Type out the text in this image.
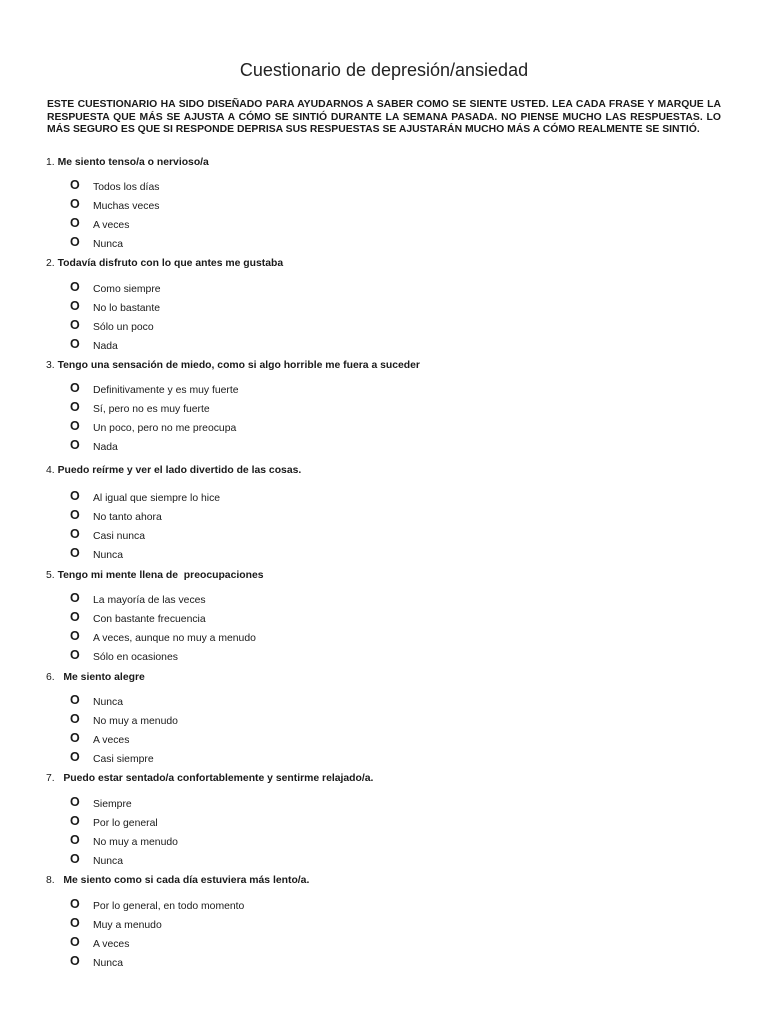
Cuestionario de depresión/ansiedad

ESTE CUESTIONARIO HA SIDO DISEÑADO PARA AYUDARNOS A SABER COMO SE SIENTE USTED. LEA CADA FRASE Y MARQUE LA RESPUESTA QUE MÁS SE AJUSTA A CÓMO SE SINTIÓ DURANTE LA SEMANA PASADA. NO PIENSE MUCHO LAS RESPUESTAS. LO MÁS SEGURO ES QUE SI RESPONDE DEPRISA SUS RESPUESTAS SE AJUSTARÁN MUCHO MÁS A CÓMO REALMENTE SE SINTIÓ.

1. Me siento tenso/a o nervioso/a

O	Todos los días
O	Muchas veces
O	A veces
O	Nunca

2. Todavía disfruto con lo que antes me gustaba

O	Como siempre
O	No lo bastante
O	Sólo un poco
O	Nada

3. Tengo una sensación de miedo, como si algo horrible me fuera a suceder

O	Definitivamente y es muy fuerte
O	Sí, pero no es muy fuerte
O	Un poco, pero no me preocupa
O	Nada

4. Puedo reírme y ver el lado divertido de las cosas.

O	Al igual que siempre lo hice
O	No tanto ahora
O	Casi nunca
O	Nunca

5. Tengo mi mente llena de  preocupaciones

O	La mayoría de las veces
O	Con bastante frecuencia
O	A veces, aunque no muy a menudo
O	Sólo en ocasiones

6. Me siento alegre

O	Nunca
O	No muy a menudo
O	A veces
O	Casi siempre

7. Puedo estar sentado/a confortablemente y sentirme relajado/a.

O	Siempre
O	Por lo general
O	No muy a menudo
O	Nunca

8. Me siento como si cada día estuviera más lento/a.

O	Por lo general, en todo momento
O	Muy a menudo
O	A veces
O	Nunca
